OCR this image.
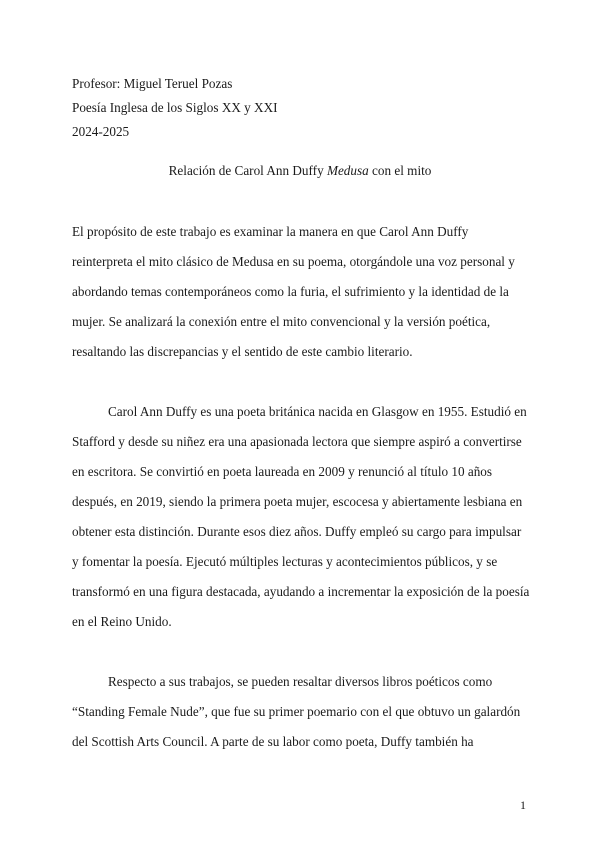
Profesor: Miguel Teruel Pozas
Poesía Inglesa de los Siglos XX y XXI
2024-2025
Relación de Carol Ann Duffy Medusa con el mito
El propósito de este trabajo es examinar la manera en que Carol Ann Duffy
reinterpreta el mito clásico de Medusa en su poema, otorgándole una voz personal y
abordando temas contemporáneos como la furia, el sufrimiento y la identidad de la
mujer. Se analizará la conexión entre el mito convencional y la versión poética,
resaltando las discrepancias y el sentido de este cambio literario.
Carol Ann Duffy es una poeta británica nacida en Glasgow en 1955. Estudió en
Stafford y desde su niñez era una apasionada lectora que siempre aspiró a convertirse
en escritora. Se convirtió en poeta laureada en 2009 y renunció al título 10 años
después, en 2019, siendo la primera poeta mujer, escocesa y abiertamente lesbiana en
obtener esta distinción. Durante esos diez años. Duffy empleó su cargo para impulsar
y fomentar la poesía. Ejecutó múltiples lecturas y acontecimientos públicos, y se
transformó en una figura destacada, ayudando a incrementar la exposición de la poesía
en el Reino Unido.
Respecto a sus trabajos, se pueden resaltar diversos libros poéticos como
“Standing Female Nude”, que fue su primer poemario con el que obtuvo un galardón
del Scottish Arts Council. A parte de su labor como poeta, Duffy también ha
1
